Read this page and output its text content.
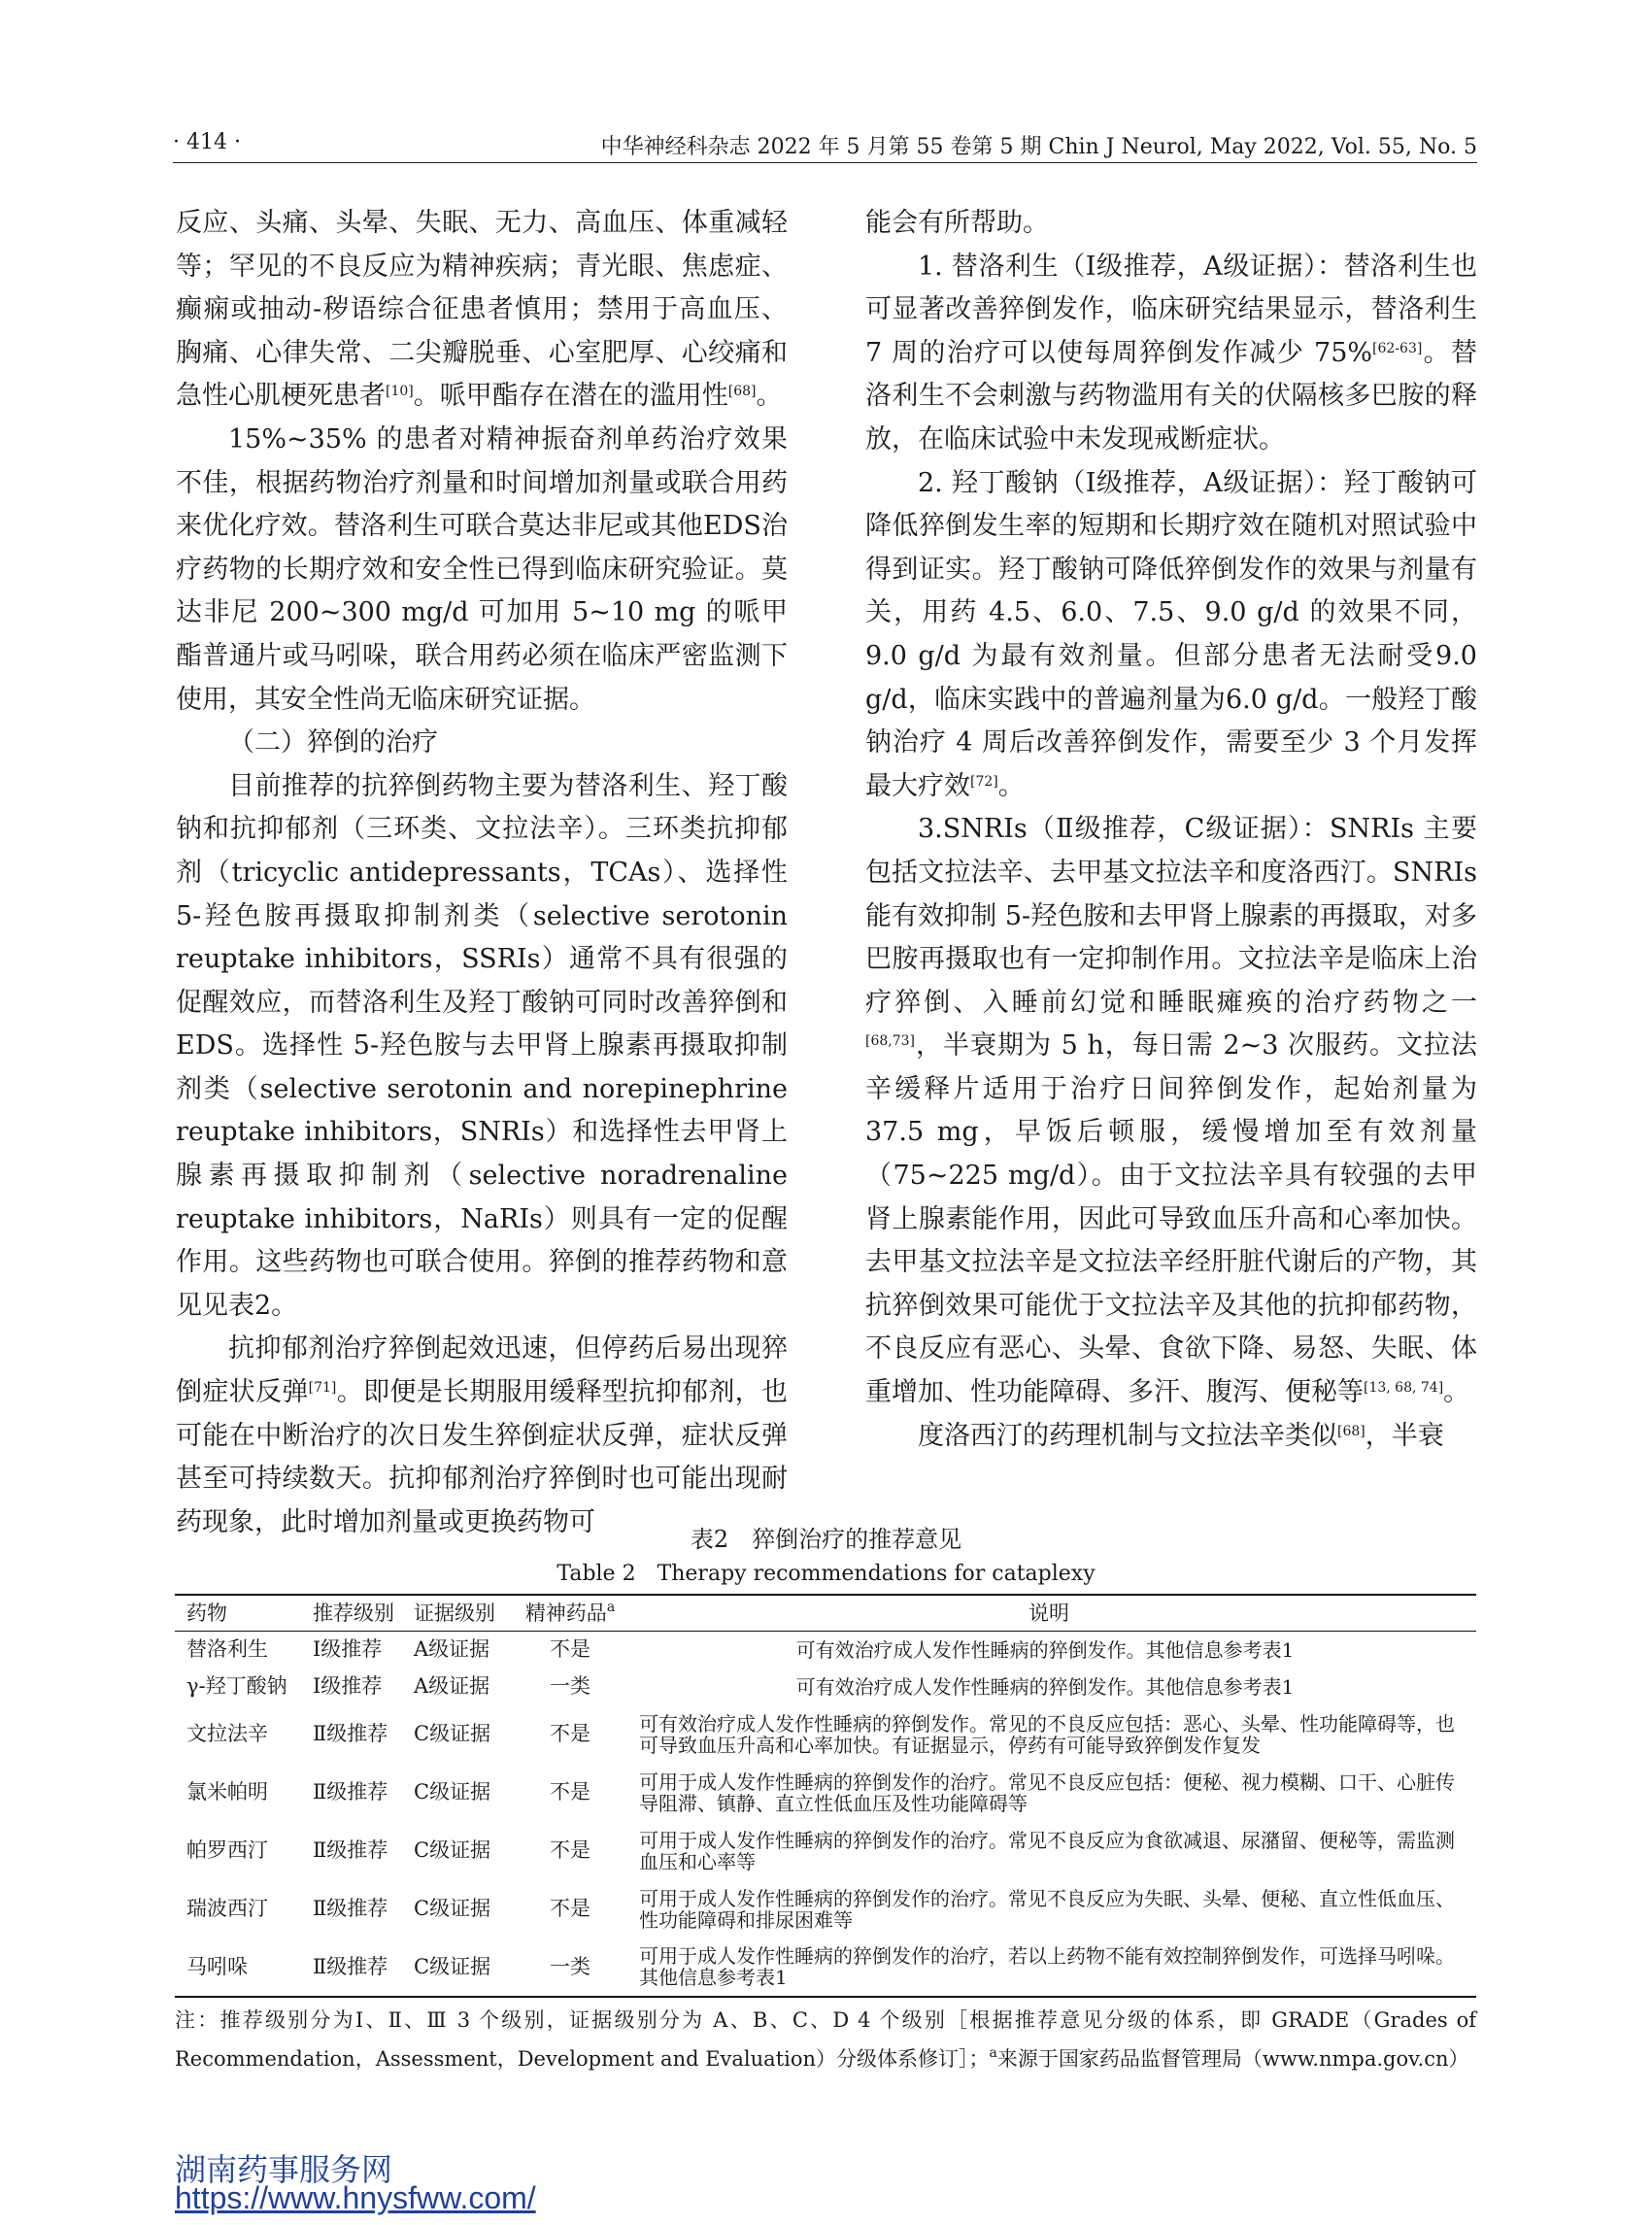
· 414 ·	中华神经科杂志 2022 年 5 月第 55 卷第 5 期 Chin J Neurol, May 2022, Vol. 55, No. 5

反应、头痛、头晕、失眠、无力、高血压、体重减轻等；罕见的不良反应为精神疾病；青光眼、焦虑症、癫痫或抽动-秽语综合征患者慎用；禁用于高血压、胸痛、心律失常、二尖瓣脱垂、心室肥厚、心绞痛和急性心肌梗死患者[10]。哌甲酯存在潜在的滥用性[68]。

15%~35% 的患者对精神振奋剂单药治疗效果不佳，根据药物治疗剂量和时间增加剂量或联合用药来优化疗效。替洛利生可联合莫达非尼或其他EDS治疗药物的长期疗效和安全性已得到临床研究验证。莫达非尼 200~300 mg/d 可加用 5~10 mg 的哌甲酯普通片或马吲哚，联合用药必须在临床严密监测下使用，其安全性尚无临床研究证据。

（二）猝倒的治疗

目前推荐的抗猝倒药物主要为替洛利生、羟丁酸钠和抗抑郁剂（三环类、文拉法辛）。三环类抗抑郁剂（tricyclic antidepressants，TCAs）、选择性 5-羟色胺再摄取抑制剂类（selective serotonin reuptake inhibitors，SSRIs）通常不具有很强的促醒效应，而替洛利生及羟丁酸钠可同时改善猝倒和EDS。选择性 5-羟色胺与去甲肾上腺素再摄取抑制剂类（selective serotonin and norepinephrine reuptake inhibitors，SNRIs）和选择性去甲肾上腺素再摄取抑制剂（selective noradrenaline reuptake inhibitors，NaRIs）则具有一定的促醒作用。这些药物也可联合使用。猝倒的推荐药物和意见见表2。

抗抑郁剂治疗猝倒起效迅速，但停药后易出现猝倒症状反弹[71]。即便是长期服用缓释型抗抑郁剂，也可能在中断治疗的次日发生猝倒症状反弹，症状反弹甚至可持续数天。抗抑郁剂治疗猝倒时也可能出现耐药现象，此时增加剂量或更换药物可

能会有所帮助。

1. 替洛利生（Ⅰ级推荐，A级证据）：替洛利生也可显著改善猝倒发作，临床研究结果显示，替洛利生 7 周的治疗可以使每周猝倒发作减少 75%[62-63]。替洛利生不会刺激与药物滥用有关的伏隔核多巴胺的释放，在临床试验中未发现戒断症状。

2. 羟丁酸钠（Ⅰ级推荐，A级证据）：羟丁酸钠可降低猝倒发生率的短期和长期疗效在随机对照试验中得到证实。羟丁酸钠可降低猝倒发作的效果与剂量有关，用药 4.5、6.0、7.5、9.0 g/d 的效果不同，9.0 g/d 为最有效剂量。但部分患者无法耐受9.0 g/d，临床实践中的普遍剂量为6.0 g/d。一般羟丁酸钠治疗 4 周后改善猝倒发作，需要至少 3 个月发挥最大疗效[72]。

3.SNRIs（Ⅱ级推荐，C级证据）：SNRIs 主要包括文拉法辛、去甲基文拉法辛和度洛西汀。SNRIs能有效抑制 5-羟色胺和去甲肾上腺素的再摄取，对多巴胺再摄取也有一定抑制作用。文拉法辛是临床上治疗猝倒、入睡前幻觉和睡眠瘫痪的治疗药物之一[68,73]，半衰期为 5 h，每日需 2~3 次服药。文拉法辛缓释片适用于治疗日间猝倒发作，起始剂量为 37.5 mg，早饭后顿服，缓慢增加至有效剂量（75~225 mg/d）。由于文拉法辛具有较强的去甲肾上腺素能作用，因此可导致血压升高和心率加快。去甲基文拉法辛是文拉法辛经肝脏代谢后的产物，其抗猝倒效果可能优于文拉法辛及其他的抗抑郁药物，不良反应有恶心、头晕、食欲下降、易怒、失眠、体重增加、性功能障碍、多汗、腹泻、便秘等[13, 68, 74]。

度洛西汀的药理机制与文拉法辛类似[68]，半衰

表2　猝倒治疗的推荐意见
Table 2　Therapy recommendations for cataplexy
药物	推荐级别	证据级别	精神药品$^a$	说明
替洛利生	Ⅰ级推荐	A级证据	不是	可有效治疗成人发作性睡病的猝倒发作。其他信息参考表1
γ-羟丁酸钠	Ⅰ级推荐	A级证据	一类	可有效治疗成人发作性睡病的猝倒发作。其他信息参考表1
文拉法辛	Ⅱ级推荐	C级证据	不是	可有效治疗成人发作性睡病的猝倒发作。常见的不良反应包括：恶心、头晕、性功能障碍等，也可导致血压升高和心率加快。有证据显示，停药有可能导致猝倒发作复发
氯米帕明	Ⅱ级推荐	C级证据	不是	可用于成人发作性睡病的猝倒发作的治疗。常见不良反应包括：便秘、视力模糊、口干、心脏传导阻滞、镇静、直立性低血压及性功能障碍等
帕罗西汀	Ⅱ级推荐	C级证据	不是	可用于成人发作性睡病的猝倒发作的治疗。常见不良反应为食欲减退、尿潴留、便秘等，需监测血压和心率等
瑞波西汀	Ⅱ级推荐	C级证据	不是	可用于成人发作性睡病的猝倒发作的治疗。常见不良反应为失眠、头晕、便秘、直立性低血压、性功能障碍和排尿困难等
马吲哚	Ⅱ级推荐	C级证据	一类	可用于成人发作性睡病的猝倒发作的治疗，若以上药物不能有效控制猝倒发作，可选择马吲哚。其他信息参考表1
注：推荐级别分为Ⅰ、Ⅱ、Ⅲ 3 个级别，证据级别分为 A、B、C、D 4 个级别［根据推荐意见分级的体系，即 GRADE（Grades of Recommendation，Assessment，Development and Evaluation）分级体系修订］；$^a$来源于国家药品监督管理局（www.nmpa.gov.cn）
湖南药事服务网
https://www.hnysfww.com/
